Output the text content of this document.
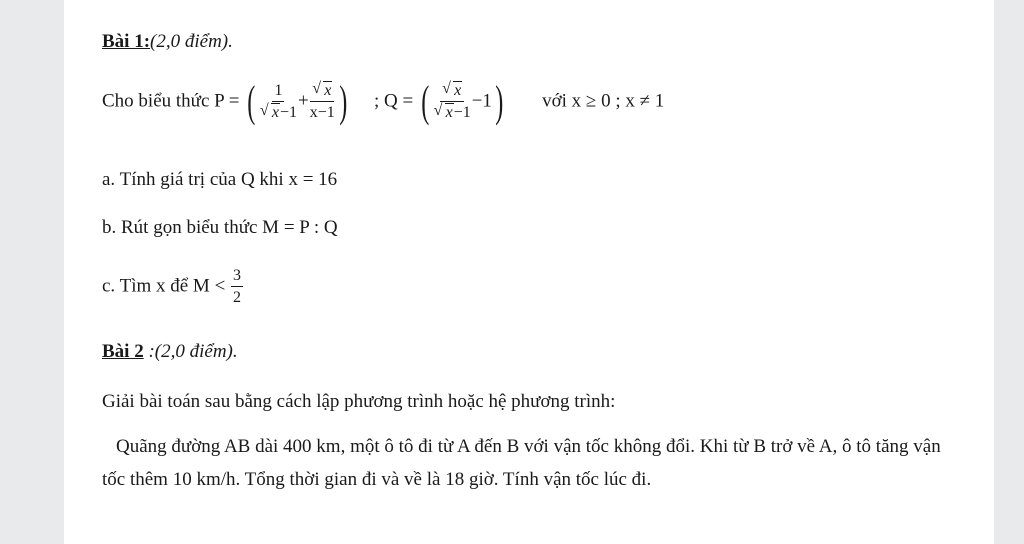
Bài 1:(2,0 điểm).
Cho biểu thức P = ( 1
√ x−1 + √ $\frac{x}{x-1}$ ) ; Q = ( √ x
√ x−1 −1) với x ≥ 0 ; x ≠ 1
a. Tính giá trị của Q khi x = 16
b. Rút gọn biểu thức M = P : Q
c. Tìm x để $M < \frac{3}{2}$
Bài 2 :(2,0 điểm).
Giải bài toán sau bằng cách lập phương trình hoặc hệ phương trình:
Quãng đường AB dài 400 km, một ô tô đi từ A đến B với vận tốc không đổi. Khi từ B trở về A, ô tô tăng vận tốc thêm 10 km/h. Tổng thời gian đi và về là 18 giờ. Tính vận tốc lúc đi.
